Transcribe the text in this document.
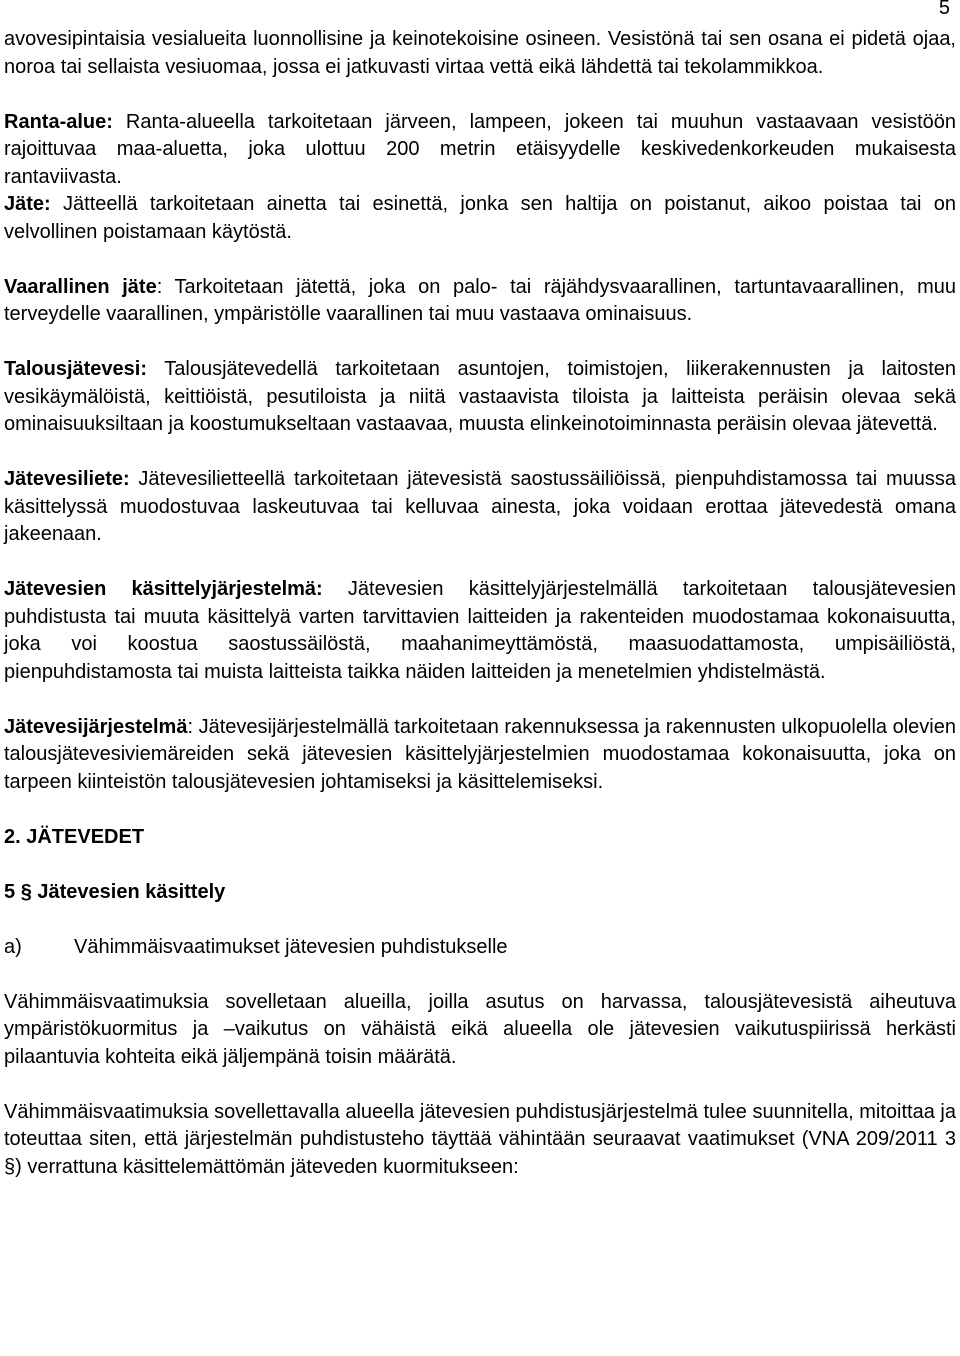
5

avovesipintaisia vesialueita luonnollisine ja keinotekoisine osineen. Vesistönä tai sen osana ei pidetä ojaa, noroa tai sellaista vesiuomaa, jossa ei jatkuvasti virtaa vettä eikä lähdettä tai tekolammikkoa.

Ranta-alue: Ranta-alueella tarkoitetaan järveen, lampeen, jokeen tai muuhun vastaavaan vesistöön rajoittuvaa maa-aluetta, joka ulottuu 200 metrin etäisyydelle keskivedenkorkeuden mukaisesta rantaviivasta.

Jäte: Jätteellä tarkoitetaan ainetta tai esinettä, jonka sen haltija on poistanut, aikoo poistaa tai on velvollinen poistamaan käytöstä.

Vaarallinen jäte: Tarkoitetaan jätettä, joka on palo- tai räjähdysvaarallinen, tartuntavaarallinen, muu terveydelle vaarallinen, ympäristölle vaarallinen tai muu vastaava ominaisuus.

Talousjätevesi: Talousjätevedellä tarkoitetaan asuntojen, toimistojen, liikerakennusten ja laitosten vesikäymälöistä, keittiöistä, pesutiloista ja niitä vastaavista tiloista ja laitteista peräisin olevaa sekä ominaisuuksiltaan ja koostumukseltaan vastaavaa, muusta elinkeinotoiminnasta peräisin olevaa jätevettä.

Jätevesiliete: Jätevesilietteellä tarkoitetaan jätevesistä saostussäiliöissä, pienpuhdistamossa tai muussa käsittelyssä muodostuvaa laskeutuvaa tai kelluvaa ainesta, joka voidaan erottaa jätevedestä omana jakeenaan.

Jätevesien käsittelyjärjestelmä: Jätevesien käsittelyjärjestelmällä tarkoitetaan talousjätevesien puhdistusta tai muuta käsittelyä varten tarvittavien laitteiden ja rakenteiden muodostamaa kokonaisuutta, joka voi koostua saostussäilöstä, maahanimeyttämöstä, maasuodattamosta, umpisäiliöstä, pienpuhdistamosta tai muista laitteista taikka näiden laitteiden ja menetelmien yhdistelmästä.

Jätevesijärjestelmä: Jätevesijärjestelmällä tarkoitetaan rakennuksessa ja rakennusten ulkopuolella olevien talousjätevesiviemäreiden sekä jätevesien käsittelyjärjestelmien muodostamaa kokonaisuutta, joka on tarpeen kiinteistön talousjätevesien johtamiseksi ja käsittelemiseksi.

2. JÄTEVEDET

5 § Jätevesien käsittely

a)	Vähimmäisvaatimukset jätevesien puhdistukselle

Vähimmäisvaatimuksia sovelletaan alueilla, joilla asutus on harvassa, talousjätevesistä aiheutuva ympäristökuormitus ja –vaikutus on vähäistä eikä alueella ole jätevesien vaikutuspiirissä herkästi pilaantuvia kohteita eikä jäljempänä toisin määrätä.

Vähimmäisvaatimuksia sovellettavalla alueella jätevesien puhdistusjärjestelmä tulee suunnitella, mitoittaa ja toteuttaa siten, että järjestelmän puhdistusteho täyttää vähintään seuraavat vaatimukset (VNA 209/2011 3 §) verrattuna käsittelemättömän jäteveden kuormitukseen:
